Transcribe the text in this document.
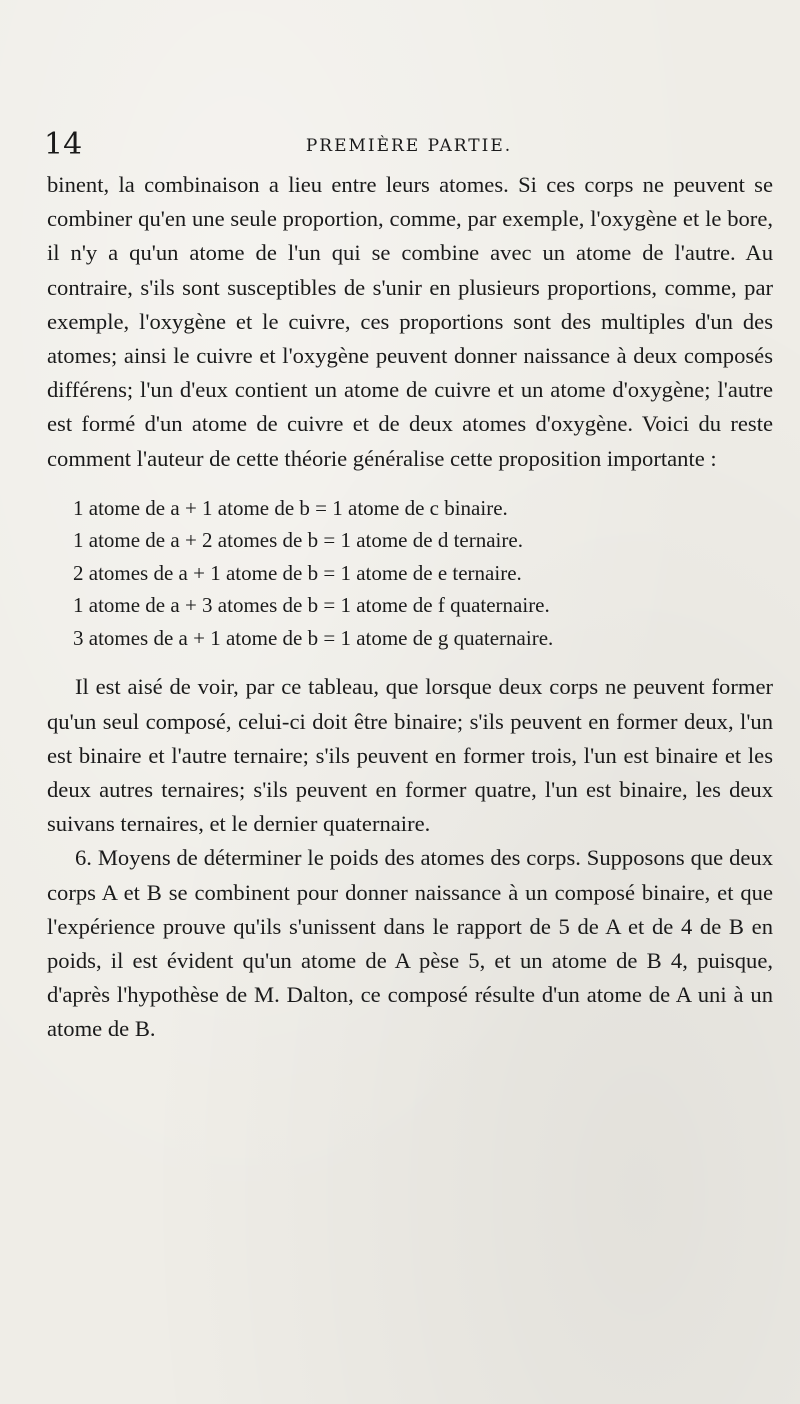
14	PREMIÈRE PARTIE.

binent, la combinaison a lieu entre leurs atomes. Si ces corps ne peuvent se combiner qu'en une seule proportion, comme, par exemple, l'oxygène et le bore, il n'y a qu'un atome de l'un qui se combine avec un atome de l'autre. Au contraire, s'ils sont susceptibles de s'unir en plusieurs proportions, comme, par exemple, l'oxygène et le cuivre, ces proportions sont des multiples d'un des atomes; ainsi le cuivre et l'oxygène peuvent donner naissance à deux composés différens; l'un d'eux contient un atome de cuivre et un atome d'oxygène; l'autre est formé d'un atome de cuivre et de deux atomes d'oxygène. Voici du reste comment l'auteur de cette théorie généralise cette proposition importante :

1 atome de a + 1 atome de b = 1 atome de c binaire.
1 atome de a + 2 atomes de b = 1 atome de d ternaire.
2 atomes de a + 1 atome de b = 1 atome de e ternaire.
1 atome de a + 3 atomes de b = 1 atome de f quaternaire.
3 atomes de a + 1 atome de b = 1 atome de g quaternaire.

Il est aisé de voir, par ce tableau, que lorsque deux corps ne peuvent former qu'un seul composé, celui-ci doit être binaire; s'ils peuvent en former deux, l'un est binaire et l'autre ternaire; s'ils peuvent en former trois, l'un est binaire et les deux autres ternaires; s'ils peuvent en former quatre, l'un est binaire, les deux suivans ternaires, et le dernier quaternaire.

6. Moyens de déterminer le poids des atomes des corps. Supposons que deux corps A et B se combinent pour donner naissance à un composé binaire, et que l'expérience prouve qu'ils s'unissent dans le rapport de 5 de A et de 4 de B en poids, il est évident qu'un atome de A pèse 5, et un atome de B 4, puisque, d'après l'hypothèse de M. Dalton, ce composé résulte d'un atome de A uni à un atome de B.
